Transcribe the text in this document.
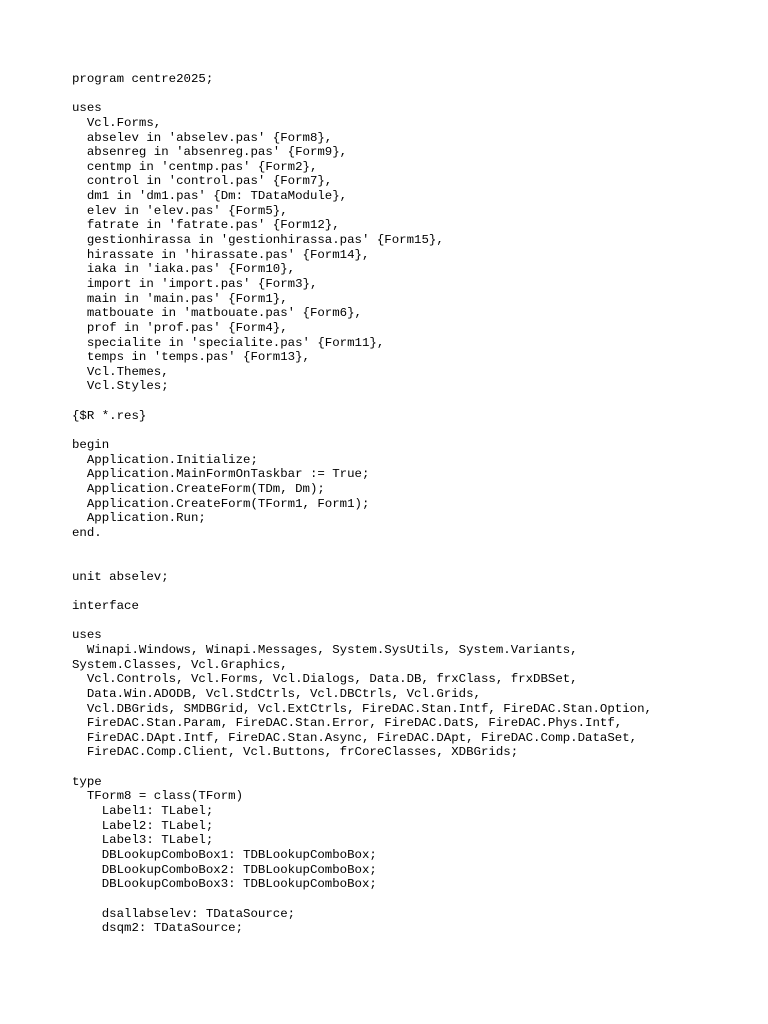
program centre2025;
uses
Vcl.Forms,
abselev in 'abselev.pas' {Form8},
absenreg in 'absenreg.pas' {Form9},
centmp in 'centmp.pas' {Form2},
control in 'control.pas' {Form7},
dm1 in 'dm1.pas' {Dm: TDataModule},
elev in 'elev.pas' {Form5},
fatrate in 'fatrate.pas' {Form12},
gestionhirassa in 'gestionhirassa.pas' {Form15},
hirassate in 'hirassate.pas' {Form14},
iaka in 'iaka.pas' {Form10},
import in 'import.pas' {Form3},
main in 'main.pas' {Form1},
matbouate in 'matbouate.pas' {Form6},
prof in 'prof.pas' {Form4},
specialite in 'specialite.pas' {Form11},
temps in 'temps.pas' {Form13},
Vcl.Themes,
Vcl.Styles;
{$R *.res}
begin
Application.Initialize;
Application.MainFormOnTaskbar := True;
Application.CreateForm(TDm, Dm);
Application.CreateForm(TForm1, Form1);
Application.Run;
end.
unit abselev;
interface
uses
Winapi.Windows, Winapi.Messages, System.SysUtils, System.Variants,
System.Classes, Vcl.Graphics,
Vcl.Controls, Vcl.Forms, Vcl.Dialogs, Data.DB, frxClass, frxDBSet,
Data.Win.ADODB, Vcl.StdCtrls, Vcl.DBCtrls, Vcl.Grids,
Vcl.DBGrids, SMDBGrid, Vcl.ExtCtrls, FireDAC.Stan.Intf, FireDAC.Stan.Option,
FireDAC.Stan.Param, FireDAC.Stan.Error, FireDAC.DatS, FireDAC.Phys.Intf,
FireDAC.DApt.Intf, FireDAC.Stan.Async, FireDAC.DApt, FireDAC.Comp.DataSet,
FireDAC.Comp.Client, Vcl.Buttons, frCoreClasses, XDBGrids;
type
TForm8 = class(TForm)
Label1: TLabel;
Label2: TLabel;
Label3: TLabel;
DBLookupComboBox1: TDBLookupComboBox;
DBLookupComboBox2: TDBLookupComboBox;
DBLookupComboBox3: TDBLookupComboBox;
dsallabselev: TDataSource;
dsqm2: TDataSource;
